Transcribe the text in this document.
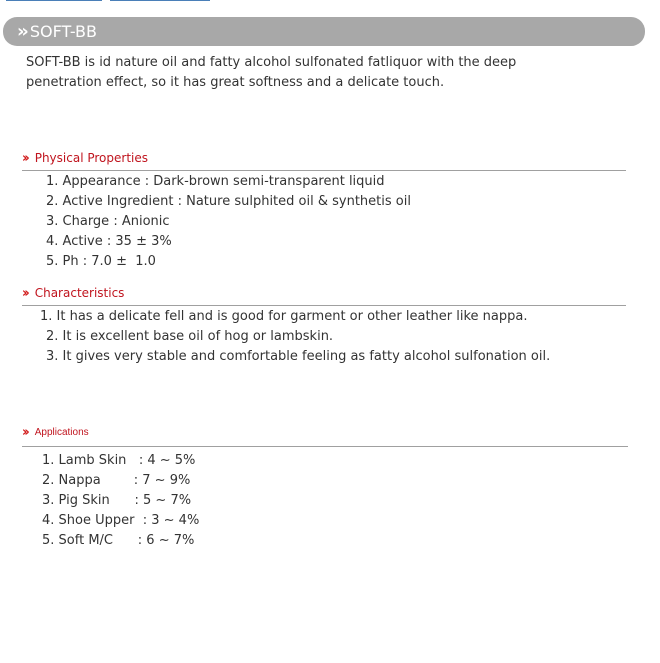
›› SOFT-BB

SOFT-BB is id nature oil and fatty alcohol sulfonated fatliquor with the deep penetration effect, so it has great softness and a delicate touch.

›› Physical Properties
1. Appearance : Dark-brown semi-transparent liquid
2. Active Ingredient : Nature sulphited oil & synthetis oil
3. Charge : Anionic
4. Active : 35 ± 3%
5. Ph : 7.0 ±  1.0
›› Characteristics
1. It has a delicate fell and is good for garment or other leather like nappa.
2. It is excellent base oil of hog or lambskin.
3. It gives very stable and comfortable feeling as fatty alcohol sulfonation oil.
›› Applications
1. Lamb Skin   : 4 ~ 5%
2. Nappa        : 7 ~ 9%
3. Pig Skin      : 5 ~ 7%
4. Shoe Upper  : 3 ~ 4%
5. Soft M/C      : 6 ~ 7%
